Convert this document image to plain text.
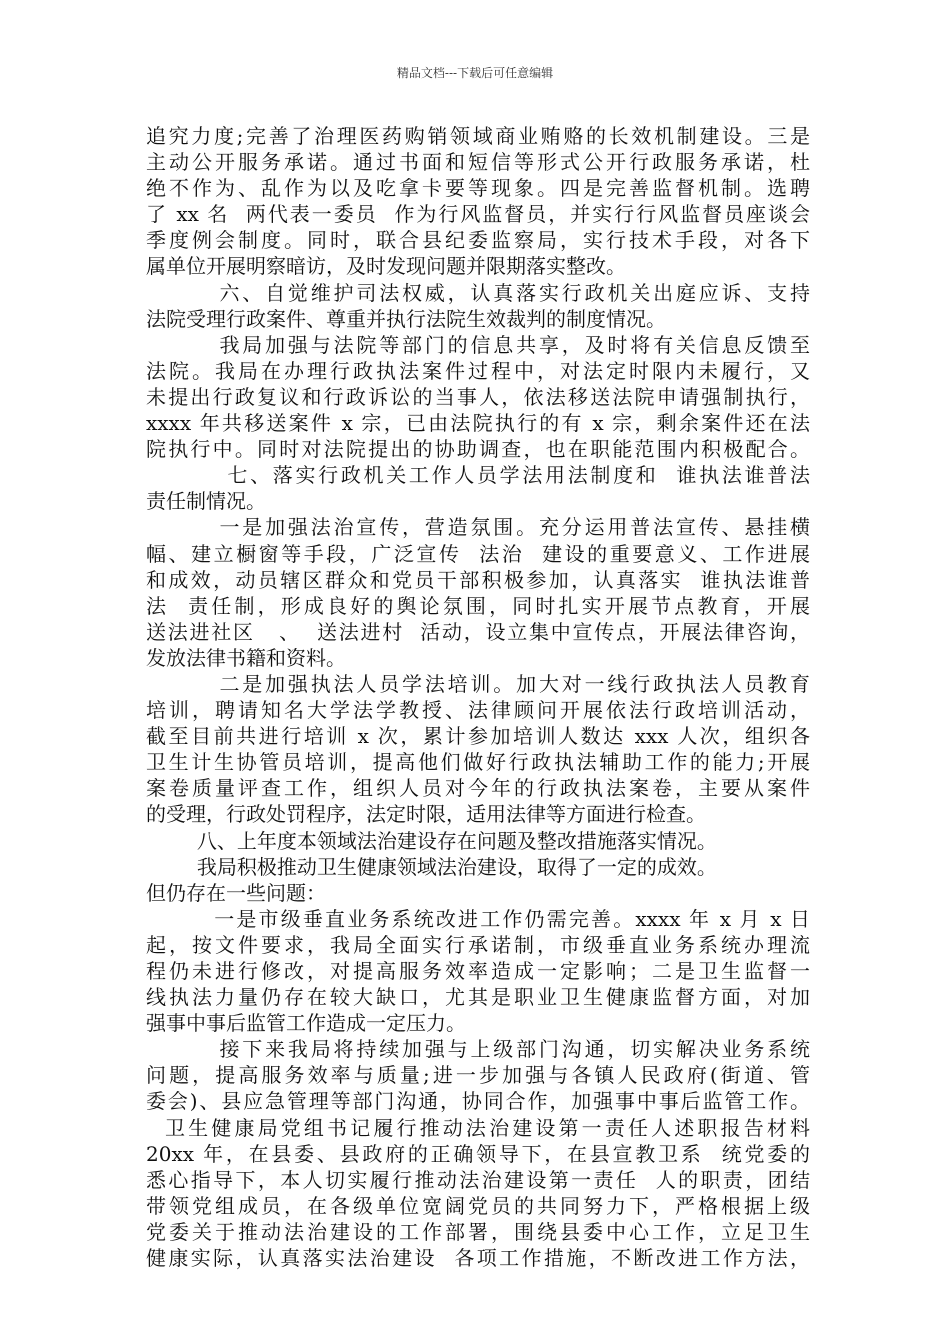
精品文档---下载后可任意编辑
追究力度;完善了治理医药购销领域商业贿赂的长效机制建设。三是
主动公开服务承诺。通过书面和短信等形式公开行政服务承诺，杜
绝不作为、乱作为以及吃拿卡要等现象。四是完善监督机制。选聘
了 xx 名  两代表一委员  作为行风监督员，并实行行风监督员座谈会
季度例会制度。同时，联合县纪委监察局，实行技术手段，对各下
属单位开展明察暗访，及时发现问题并限期落实整改。
六、自觉维护司法权威，认真落实行政机关出庭应诉、支持
法院受理行政案件、尊重并执行法院生效裁判的制度情况。
我局加强与法院等部门的信息共享，及时将有关信息反馈至
法院。我局在办理行政执法案件过程中，对法定时限内未履行，又
未提出行政复议和行政诉讼的当事人，依法移送法院申请强制执行，
xxxx 年共移送案件 x 宗，已由法院执行的有 x 宗，剩余案件还在法
院执行中。同时对法院提出的协助调查，也在职能范围内积极配合。
七、落实行政机关工作人员学法用法制度和  谁执法谁普法
责任制情况。
一是加强法治宣传，营造氛围。充分运用普法宣传、悬挂横
幅、建立橱窗等手段，广泛宣传  法治  建设的重要意义、工作进展
和成效，动员辖区群众和党员干部积极参加，认真落实  谁执法谁普
法  责任制，形成良好的舆论氛围，同时扎实开展节点教育，开展
送法进社区   、  送法进村  活动，设立集中宣传点，开展法律咨询，
发放法律书籍和资料。
二是加强执法人员学法培训。加大对一线行政执法人员教育
培训，聘请知名大学法学教授、法律顾问开展依法行政培训活动，
截至目前共进行培训 x 次，累计参加培训人数达 xxx 人次，组织各
卫生计生协管员培训，提高他们做好行政执法辅助工作的能力;开展
案卷质量评查工作，组织人员对今年的行政执法案卷，主要从案件
的受理，行政处罚程序，法定时限，适用法律等方面进行检查。
八、上年度本领域法治建设存在问题及整改措施落实情况。
我局积极推动卫生健康领域法治建设，取得了一定的成效。
但仍存在一些问题：
一是市级垂直业务系统改进工作仍需完善。xxxx 年 x 月 x 日
起，按文件要求，我局全面实行承诺制，市级垂直业务系统办理流
程仍未进行修改，对提高服务效率造成一定影响；二是卫生监督一
线执法力量仍存在较大缺口，尤其是职业卫生健康监督方面，对加
强事中事后监管工作造成一定压力。
接下来我局将持续加强与上级部门沟通，切实解决业务系统
问题，提高服务效率与质量;进一步加强与各镇人民政府(街道、管
委会)、县应急管理等部门沟通，协同合作，加强事中事后监管工作。
卫生健康局党组书记履行推动法治建设第一责任人述职报告材料
20xx 年，在县委、县政府的正确领导下，在县宣教卫系  统党委的
悉心指导下，本人切实履行推动法治建设第一责任  人的职责，团结
带领党组成员，在各级单位宽阔党员的共同努力下，严格根据上级
党委关于推动法治建设的工作部署，围绕县委中心工作，立足卫生
健康实际，认真落实法治建设  各项工作措施，不断改进工作方法，
